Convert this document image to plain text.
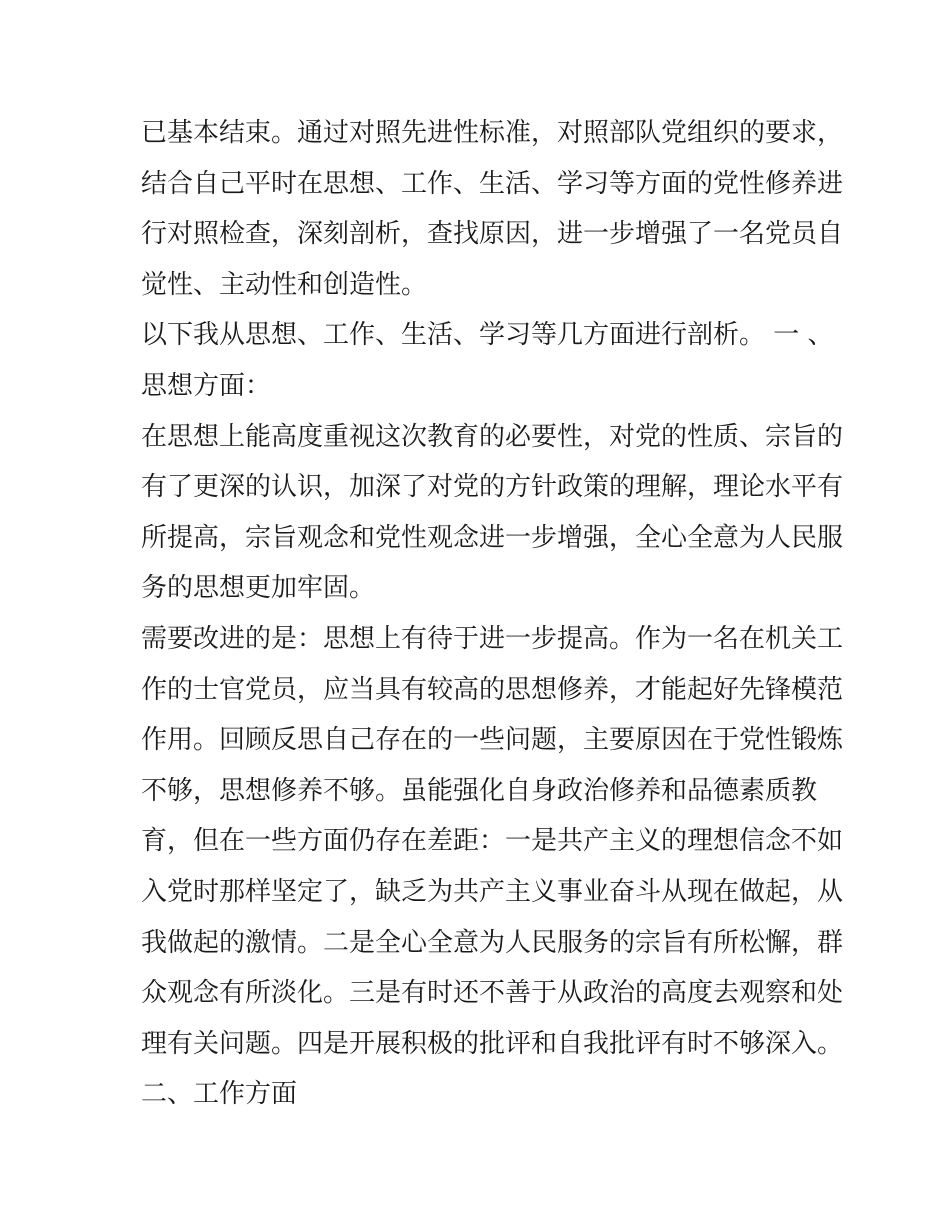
已基本结束。通过对照先进性标准，对照部队党组织的要求，
结合自己平时在思想、工作、生活、学习等方面的党性修养进
行对照检查，深刻剖析，查找原因，进一步增强了一名党员自
觉性、主动性和创造性。
以下我从思想、工作、生活、学习等几方面进行剖析。 一 、
思想方面：
在思想上能高度重视这次教育的必要性，对党的性质、宗旨的
有了更深的认识，加深了对党的方针政策的理解，理论水平有
所提高，宗旨观念和党性观念进一步增强，全心全意为人民服
务的思想更加牢固。
需要改进的是：思想上有待于进一步提高。作为一名在机关工
作的士官党员，应当具有较高的思想修养，才能起好先锋模范
作用。回顾反思自己存在的一些问题，主要原因在于党性锻炼
不够，思想修养不够。虽能强化自身政治修养和品德素质教
育，但在一些方面仍存在差距：一是共产主义的理想信念不如
入党时那样坚定了，缺乏为共产主义事业奋斗从现在做起，从
我做起的激情。二是全心全意为人民服务的宗旨有所松懈，群
众观念有所淡化。三是有时还不善于从政治的高度去观察和处
理有关问题。四是开展积极的批评和自我批评有时不够深入。
二、工作方面
